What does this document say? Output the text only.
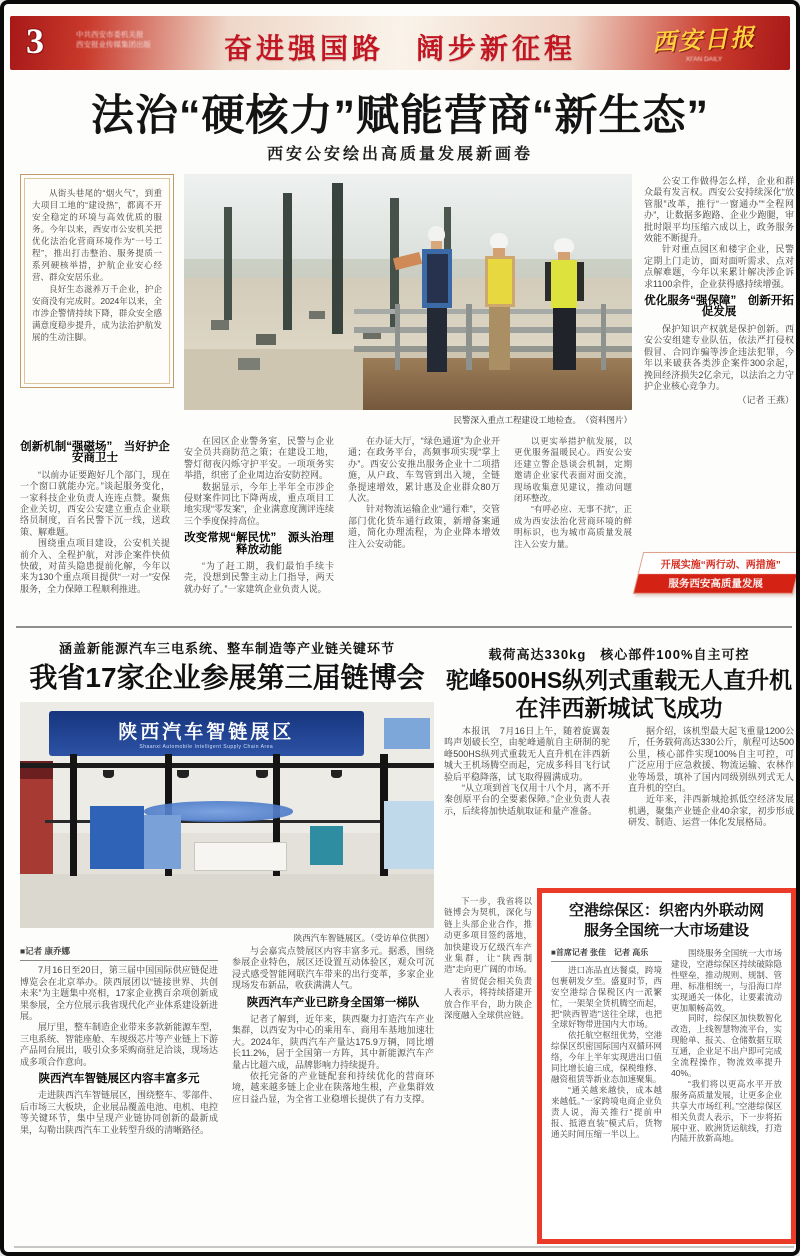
3	中共西安市委机关报
西安报业传媒集团出版	奋进强国路　阔步新征程	西安日报
XI'AN DAILY
法治“硬核力”赋能营商“新生态”
西安公安绘出高质量发展新画卷

从街头巷尾的“烟火气”，到重大项目工地的“建设热”，都离不开安全稳定的环境与高效优质的服务。今年以来，西安市公安机关把优化法治化营商环境作为“一号工程”，推出打击整治、服务提质一系列硬核举措，护航企业安心经营、群众安居乐业。

良好生态滋养万千企业，护企安商没有完成时。2024年以来，全市涉企警情持续下降，群众安全感满意度稳步提升，成为法治护航发展的生动注脚。

民警深入重点工程建设工地检查。　（资料图片）

公安工作做得怎么样，企业和群众最有发言权。西安公安持续深化“放管服”改革，推行“一窗通办”“全程网办”，让数据多跑路、企业少跑腿，审批时限平均压缩六成以上，政务服务效能不断提升。

针对重点园区和楼宇企业，民警定期上门走访，面对面听需求、点对点解难题，今年以来累计解决涉企诉求1100余件，企业获得感持续增强。

优化服务“强保障”　创新开拓促发展

保护知识产权就是保护创新。西安公安组建专业队伍，依法严打侵权假冒、合同诈骗等涉企违法犯罪，今年以来破获各类涉企案件300余起，挽回经济损失2亿余元，以法治之力守护企业核心竞争力。

（记者 王燕）

创新机制“强磁场”　当好护企安商卫士

“以前办证要跑好几个部门，现在一个窗口就能办完。”谈起服务变化，一家科技企业负责人连连点赞。聚焦企业关切，西安公安建立重点企业联络员制度，百名民警下沉一线，送政策、解难题。

围绕重点项目建设，公安机关提前介入、全程护航，对涉企案件快侦快破，对苗头隐患提前化解，今年以来为130个重点项目提供“一对一”安保服务，全力保障工程顺利推进。

在园区企业警务室，民警与企业安全员共商防范之策；在建设工地，警灯彻夜闪烁守护平安。一项项务实举措，织密了企业周边治安防控网。

数据显示，今年上半年全市涉企侵财案件同比下降两成，重点项目工地实现“零发案”，企业满意度测评连续三个季度保持高位。

改变常规“解民忧”　源头治理释放动能

“为了赶工期，我们最怕手续卡壳，没想到民警主动上门指导，两天就办好了。”一家建筑企业负责人说。

在办证大厅，“绿色通道”为企业开通；在政务平台，高频事项实现“掌上办”。西安公安推出服务企业十二项措施，从户政、车驾管到出入境，全链条提速增效，累计惠及企业群众80万人次。

针对物流运输企业“通行难”，交管部门优化货车通行政策，新增备案通道，简化办理流程，为企业降本增效注入公安动能。

以更实举措护航发展，以更优服务温暖民心。西安公安还建立警企恳谈会机制，定期邀请企业家代表面对面交流，现场收集意见建议，推动问题闭环整改。

“有呼必应、无事不扰”，正成为西安法治化营商环境的鲜明标识，也为城市高质量发展注入公安力量。

开展实施“两行动、两措施”
服务西安高质量发展
涵盖新能源汽车三电系统、整车制造等产业链关键环节
我省17家企业参展第三届链博会
陕西汽车智链展区
Shaanxi Automobile Intelligent Supply Chain Area
陕西汽车智链展区。（受访单位供图）

■记者 康乔娜

7月16日至20日，第三届中国国际供应链促进博览会在北京举办。陕西展团以“链接世界、共创未来”为主题集中亮相，17家企业携百余项创新成果参展，全方位展示我省现代化产业体系建设新进展。

展厅里，整车制造企业带来多款新能源车型，三电系统、智能座舱、车规级芯片等产业链上下游产品同台展出，吸引众多采购商驻足洽谈，现场达成多项合作意向。

陕西汽车智链展区内容丰富多元

走进陕西汽车智链展区，围绕整车、零部件、后市场三大板块，企业展品覆盖电池、电机、电控等关键环节，集中呈现产业链协同创新的最新成果，勾勒出陕西汽车工业转型升级的清晰路径。

与会嘉宾点赞展区内容丰富多元。据悉，围绕参展企业特色，展区还设置互动体验区，观众可沉浸式感受智能网联汽车带来的出行变革，多家企业现场发布新品，收获满满人气。

陕西汽车产业已跻身全国第一梯队

记者了解到，近年来，陕西聚力打造汽车产业集群，以西安为中心的乘用车、商用车基地加速壮大。2024年，陕西汽车产量达175.9万辆，同比增长11.2%，居于全国第一方阵，其中新能源汽车产量占比超六成，品牌影响力持续提升。

依托完备的产业链配套和持续优化的营商环境，越来越多链上企业在陕落地生根，产业集群效应日益凸显，为全省工业稳增长提供了有力支撑。

下一步，我省将以链博会为契机，深化与链上头部企业合作，推动更多项目签约落地，加快建设万亿级汽车产业集群，让“陕西制造”走向更广阔的市场。

省贸促会相关负责人表示，将持续搭建开放合作平台，助力陕企深度融入全球供应链。

载荷高达330kg　核心部件100%自主可控
驼峰500HS纵列式重载无人直升机
在沣西新城试飞成功

本报讯　7月16日上午，随着旋翼轰鸣声划破长空，由驼峰通航自主研制的驼峰500HS纵列式重载无人直升机在沣西新城大王机场腾空而起，完成多科目飞行试验后平稳降落，试飞取得圆满成功。

“从立项到首飞仅用十八个月，离不开秦创原平台的全要素保障。”企业负责人表示，后续将加快适航取证和量产准备。

据介绍，该机型最大起飞重量1200公斤，任务载荷高达330公斤，航程可达500公里，核心部件实现100%自主可控，可广泛应用于应急救援、物流运输、农林作业等场景，填补了国内同级别纵列式无人直升机的空白。

近年来，沣西新城抢抓低空经济发展机遇，聚集产业链企业40余家，初步形成研发、制造、运营一体化发展格局。

空港综保区：织密内外联动网
服务全国统一大市场建设

■首席记者 张佳　记者 高乐

进口冻品直达餐桌，跨境包裹朝发夕至。盛夏时节，西安空港综合保税区内一派繁忙，一架架全货机腾空而起，把“陕西智造”送往全球，也把全球好物带进国内大市场。

依托航空枢纽优势，空港综保区织密国际国内双循环网络，今年上半年实现进出口值同比增长逾三成，保税维修、融资租赁等新业态加速聚集。

“通关越来越快，成本越来越低。”一家跨境电商企业负责人说，海关推行“提前申报、抵港直装”模式后，货物通关时间压缩一半以上。

围绕服务全国统一大市场建设，空港综保区持续破除隐性壁垒，推动规则、规制、管理、标准相统一，与沿海口岸实现通关一体化，让要素流动更加顺畅高效。

同时，综保区加快数智化改造，上线智慧物流平台，实现舱单、报关、仓储数据互联互通，企业足不出户即可完成全流程操作，物流效率提升40%。

“我们将以更高水平开放服务高质量发展，让更多企业共享大市场红利。”空港综保区相关负责人表示，下一步将拓展中亚、欧洲货运航线，打造内陆开放新高地。
